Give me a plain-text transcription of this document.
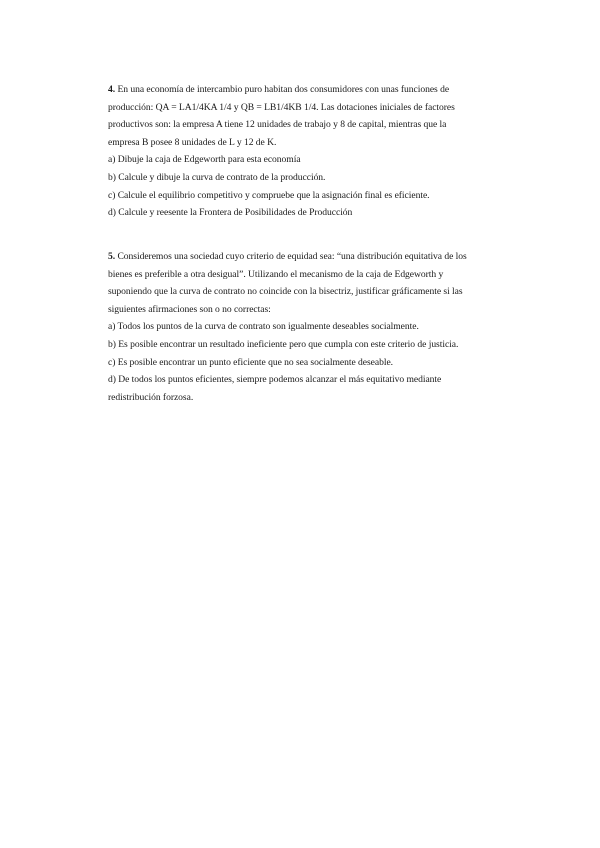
4. En una economía de intercambio puro habitan dos consumidores con unas funciones de
producción: QA = LA1/4KA 1/4 y QB = LB1/4KB 1/4. Las dotaciones iniciales de factores
productivos son: la empresa A tiene 12 unidades de trabajo y 8 de capital, mientras que la
empresa B posee 8 unidades de L y 12 de K.
a) Dibuje la caja de Edgeworth para esta economía
b) Calcule y dibuje la curva de contrato de la producción.
c) Calcule el equilibrio competitivo y compruebe que la asignación final es eficiente.
d) Calcule y reesente la Frontera de Posibilidades de Producción
5. Consideremos una sociedad cuyo criterio de equidad sea: “una distribución equitativa de los
bienes es preferible a otra desigual”. Utilizando el mecanismo de la caja de Edgeworth y
suponiendo que la curva de contrato no coincide con la bisectriz, justificar gráficamente si las
siguientes afirmaciones son o no correctas:
a) Todos los puntos de la curva de contrato son igualmente deseables socialmente.
b) Es posible encontrar un resultado ineficiente pero que cumpla con este criterio de justicia.
c) Es posible encontrar un punto eficiente que no sea socialmente deseable.
d) De todos los puntos eficientes, siempre podemos alcanzar el más equitativo mediante
redistribución forzosa.
